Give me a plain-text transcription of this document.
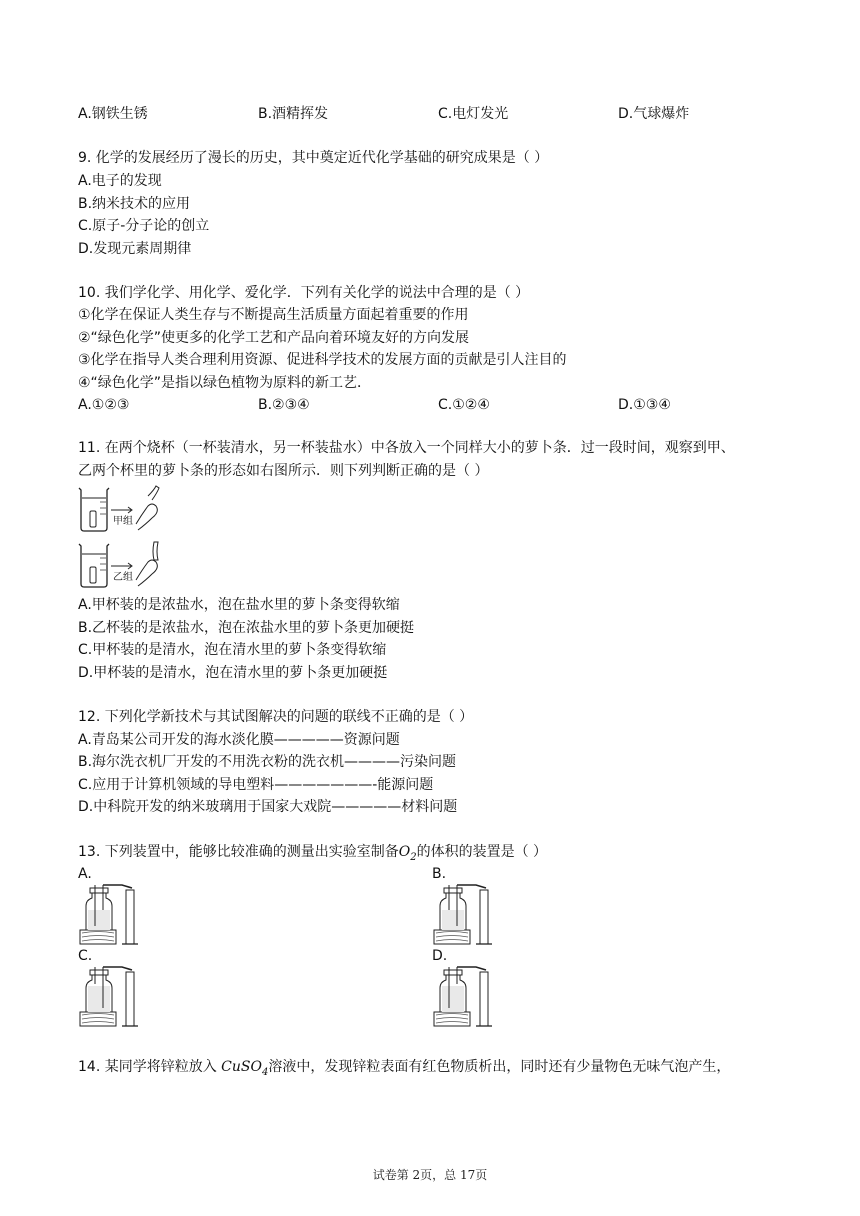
A.钢铁生锈	B.酒精挥发	C.电灯发光	D.气球爆炸
9. 化学的发展经历了漫长的历史，其中奠定近代化学基础的研究成果是（ ）
A.电子的发现
B.纳米技术的应用
C.原子-分子论的创立
D.发现元素周期律
10. 我们学化学、用化学、爱化学．下列有关化学的说法中合理的是（ ）
①化学在保证人类生存与不断提高生活质量方面起着重要的作用
②“绿色化学”使更多的化学工艺和产品向着环境友好的方向发展
③化学在指导人类合理利用资源、促进科学技术的发展方面的贡献是引人注目的
④“绿色化学”是指以绿色植物为原料的新工艺．
A.①②③	B.②③④	C.①②④	D.①③④
11. 在两个烧杯（一杯装清水，另一杯装盐水）中各放入一个同样大小的萝卜条．过一段时间，观察到甲、
乙两个杯里的萝卜条的形态如右图所示．则下列判断正确的是（ ）
甲组
乙组
A.甲杯装的是浓盐水，泡在盐水里的萝卜条变得软缩
B.乙杯装的是浓盐水，泡在浓盐水里的萝卜条更加硬挺
C.甲杯装的是清水，泡在清水里的萝卜条变得软缩
D.甲杯装的是清水，泡在清水里的萝卜条更加硬挺
12. 下列化学新技术与其试图解决的问题的联线不正确的是（ ）
A.青岛某公司开发的海水淡化膜—————资源问题
B.海尔洗衣机厂开发的不用洗衣粉的洗衣机————污染问题
C.应用于计算机领域的导电塑料———————-能源问题
D.中科院开发的纳米玻璃用于国家大戏院—————材料问题
13. 下列装置中，能够比较准确的测量出实验室制备$O_2$的体积的装置是（ ）
A.	B.
C.	D.
14. 某同学将锌粒放入 CuSO$_4$溶液中，发现锌粒表面有红色物质析出，同时还有少量物色无味气泡产生，
试卷第 2页，总 17页
